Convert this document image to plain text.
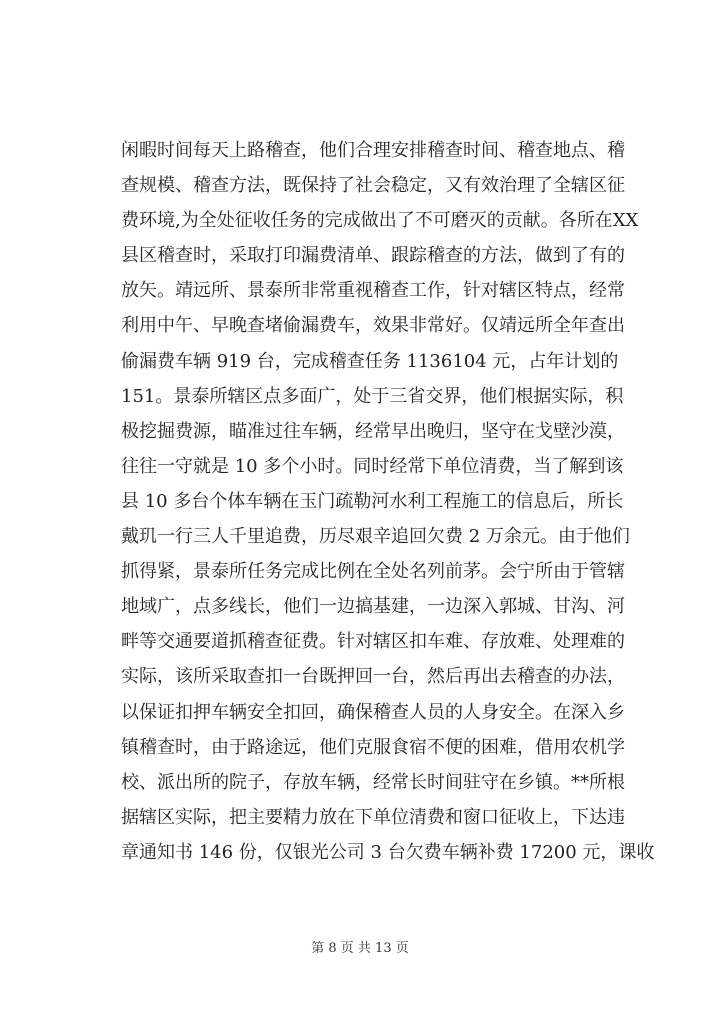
闲暇时间每天上路稽查，他们合理安排稽查时间、稽查地点、稽
查规模、稽查方法，既保持了社会稳定，又有效治理了全辖区征
费环境,为全处征收任务的完成做出了不可磨灭的贡献。各所在XX
县区稽查时，采取打印漏费清单、跟踪稽查的方法，做到了有的
放矢。靖远所、景泰所非常重视稽查工作，针对辖区特点，经常
利用中午、早晚查堵偷漏费车，效果非常好。仅靖远所全年查出
偷漏费车辆 919 台，完成稽查任务 1136104 元，占年计划的
151。景泰所辖区点多面广，处于三省交界，他们根据实际，积
极挖掘费源，瞄准过往车辆，经常早出晚归，坚守在戈壁沙漠，
往往一守就是 10 多个小时。同时经常下单位清费，当了解到该
县 10 多台个体车辆在玉门疏勒河水利工程施工的信息后，所长
戴玑一行三人千里追费，历尽艰辛追回欠费 2 万余元。由于他们
抓得紧，景泰所任务完成比例在全处名列前茅。会宁所由于管辖
地域广，点多线长，他们一边搞基建，一边深入郭城、甘沟、河
畔等交通要道抓稽查征费。针对辖区扣车难、存放难、处理难的
实际，该所采取查扣一台既押回一台，然后再出去稽查的办法，
以保证扣押车辆安全扣回，确保稽查人员的人身安全。在深入乡
镇稽查时，由于路途远，他们克服食宿不便的困难，借用农机学
校、派出所的院子，存放车辆，经常长时间驻守在乡镇。**所根
据辖区实际，把主要精力放在下单位清费和窗口征收上，下达违
章通知书 146 份，仅银光公司 3 台欠费车辆补费 17200 元，课收
第 8 页 共 13 页
